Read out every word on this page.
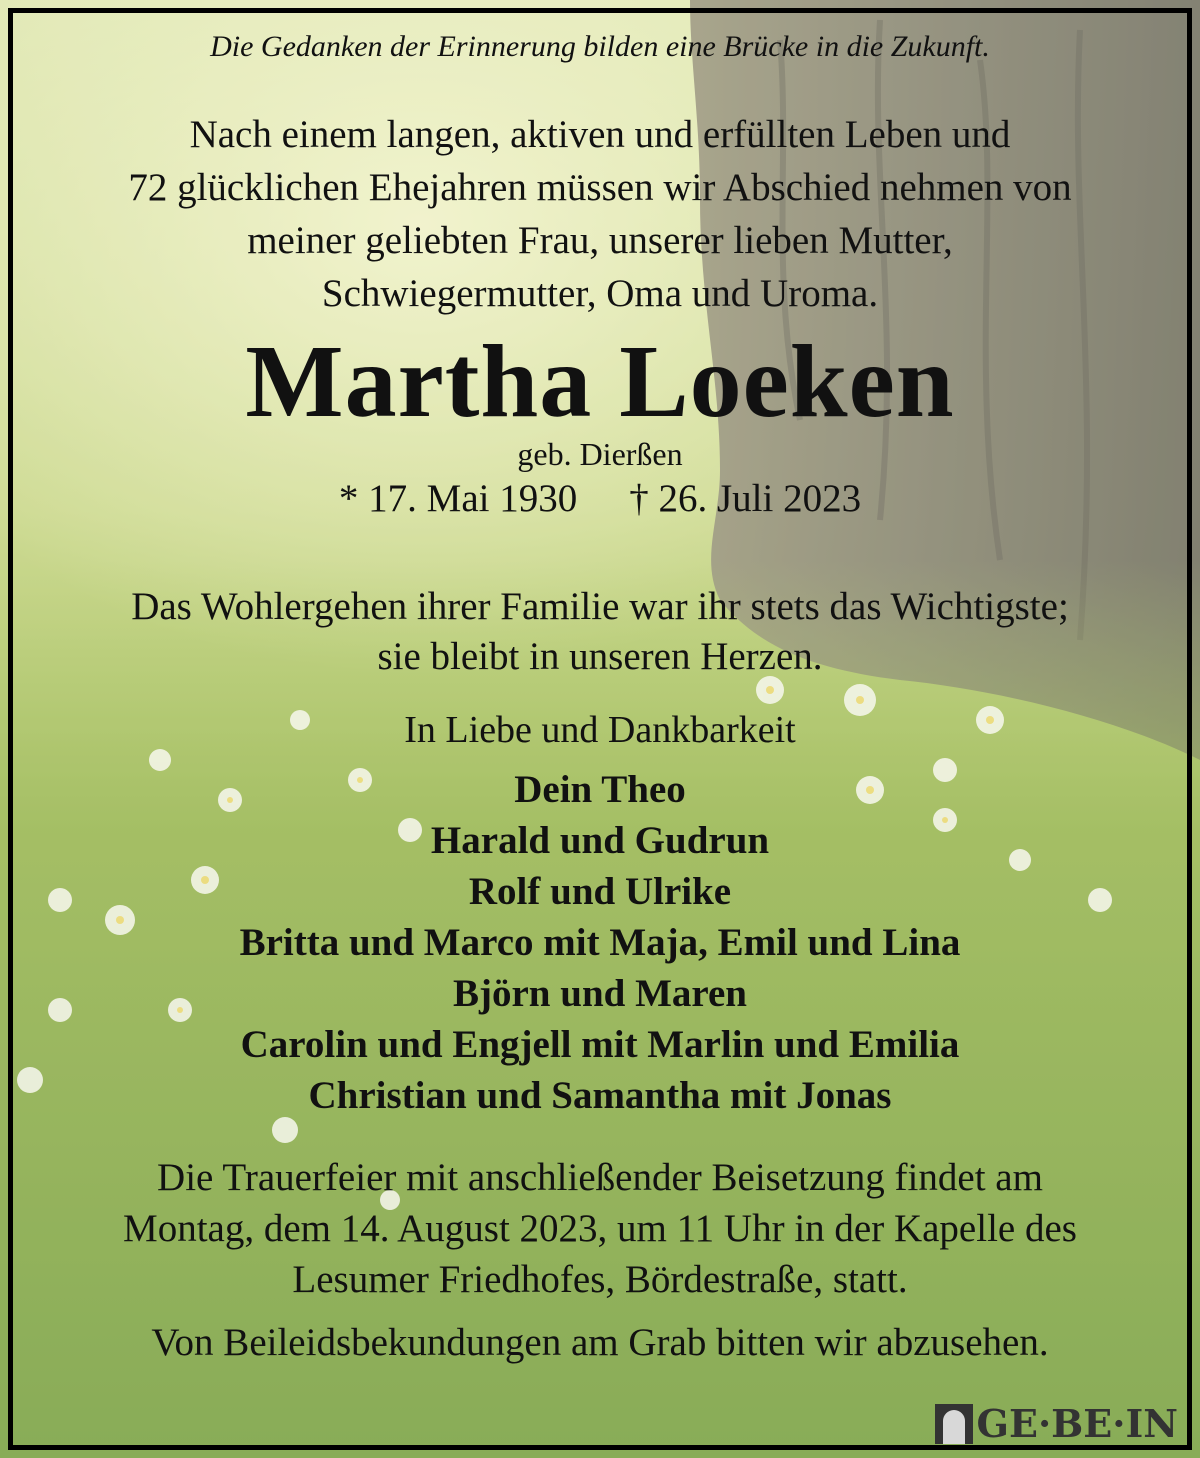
Die Gedanken der Erinnerung bilden eine Brücke in die Zukunft.
Nach einem langen, aktiven und erfüllten Leben und
72 glücklichen Ehejahren müssen wir Abschied nehmen von
meiner geliebten Frau, unserer lieben Mutter,
Schwiegermutter, Oma und Uroma.
Martha Loeken
geb. Dierßen
* 17. Mai 1930 † 26. Juli 2023
Das Wohlergehen ihrer Familie war ihr stets das Wichtigste;
sie bleibt in unseren Herzen.
In Liebe und Dankbarkeit
Dein Theo
Harald und Gudrun
Rolf und Ulrike
Britta und Marco mit Maja, Emil und Lina
Björn und Maren
Carolin und Engjell mit Marlin und Emilia
Christian und Samantha mit Jonas
Die Trauerfeier mit anschließender Beisetzung findet am
Montag, dem 14. August 2023, um 11 Uhr in der Kapelle des
Lesumer Friedhofes, Bördestraße, statt.
Von Beileidsbekundungen am Grab bitten wir abzusehen.
GE·BE·IN
